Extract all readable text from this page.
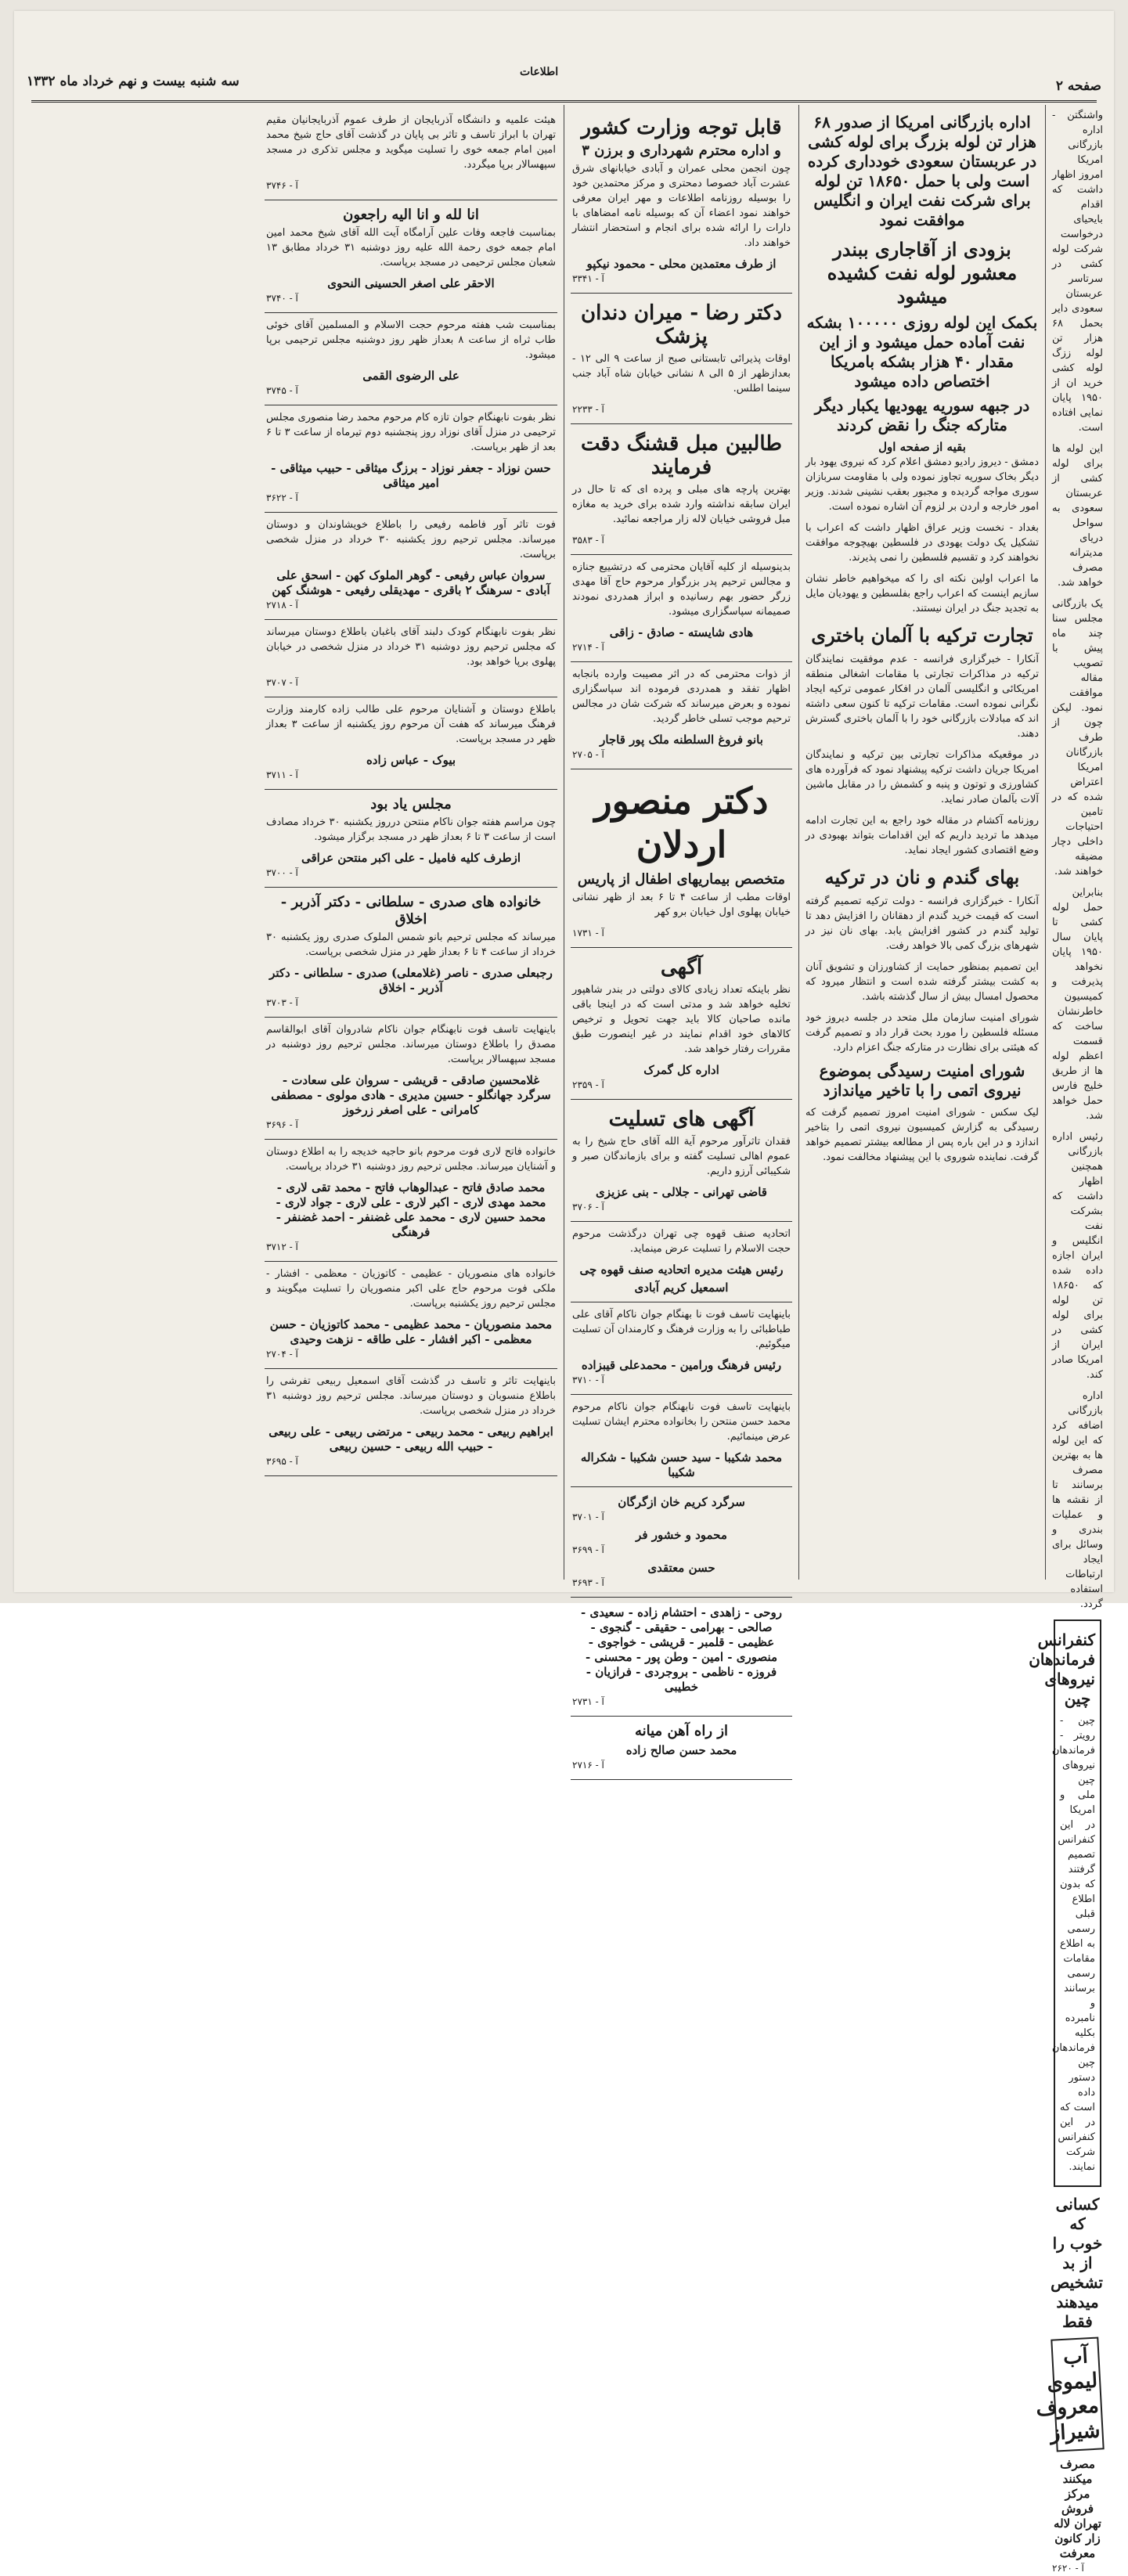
صفحه ۲
اطلاعات
سه شنبه بیست و نهم خرداد ماه ۱۳۳۲

واشنگتن - اداره بازرگانی امریکا امروز اظهار داشت که اقدام بایحیای درخواست شرکت لوله کشی در سرتاسر عربستان سعودی دایر بحمل ۶۸ هزار تن لوله ززگ لوله کشی خرید ان از ۱۹۵۰ پایان نمایی افتاده است.

این لوله ها برای لوله کشی از عربستان سعودی به سواحل دریای مدیترانه مصرف خواهد شد.

یک بازرگانی مجلس سنا چند ماه پیش با تصویب مقاله موافقت نمود. لیکن چون از طرف بازرگانان امریکا اعتراض شده که در تامین احتیاجات داخلی دچار مضیقه خواهند شد.

بنابراین حمل لوله کشی تا پایان سال ۱۹۵۰ پایان نخواهد پذیرفت و کمیسیون خاطرنشان ساخت که قسمت اعظم لوله ها از طریق خلیج فارس حمل خواهد شد.

رئیس اداره بازرگانی همچنین اظهار داشت که بشرکت نفت انگلیس و ایران اجازه داده شده که ۱۸۶۵۰ تن لوله برای لوله کشی در ایران از امریکا صادر کند.

اداره بازرگانی اضافه کرد که این لوله ها به بهترین مصرف برسانند تا از نقشه ها و عملیات بندری و وسائل برای ایجاد ارتباطات استفاده گردد.

کنفرانس فرماندهان نیروهای چین

چین - رویتر - فرماندهان نیروهای چین ملی و امریکا در این کنفرانس تصمیم گرفتند که بدون اطلاع قبلی رسمی به اطلاع مقامات رسمی برسانند و نامبرده بکلیه فرماندهان چین دستور داده است که در این کنفرانس شرکت نمایند.

کسانی که خوب را از بد تشخیص میدهند فقط
آب لیموی معروف شیراز
مصرف میکنند مرکز فروش تهران لاله زار کانون معرفت
آ - ۲۶۲۰
اداره بازرگانی امریکا از صدور ۶۸ هزار تن لوله بزرگ برای لوله کشی در عربستان سعودی خودداری کرده است ولی با حمل ۱۸۶۵۰ تن لوله برای شرکت نفت ایران و انگلیس موافقت نمود
بزودی از آقاجاری ببندر معشور لوله نفت کشیده میشود
بکمک این لوله روزی ۱۰۰۰۰۰ بشکه نفت آماده حمل میشود و از این مقدار ۴۰ هزار بشکه بامریکا اختصاص داده میشود
در جبهه سوریه یهودیها یکبار دیگر متارکه جنگ را نقض کردند
بقیه از صفحه اول

دمشق - دیروز رادیو دمشق اعلام کرد که نیروی یهود بار دیگر بخاک سوریه تجاوز نموده ولی با مقاومت سربازان سوری مواجه گردیده و مجبور بعقب نشینی شدند. وزیر امور خارجه و اردن بر لزوم آن اشاره نموده است.

بغداد - نخست وزیر عراق اظهار داشت که اعراب با تشکیل یک دولت یهودی در فلسطین بهیچوجه موافقت نخواهند کرد و تقسیم فلسطین را نمی پذیرند.

ما اعراب اولین نکته ای را که میخواهیم خاطر نشان سازیم اینست که اعراب راجع بفلسطین و یهودیان مایل به تجدید جنگ در ایران نیستند.

تجارت ترکیه با آلمان باختری

آنکارا - خبرگزاری فرانسه - عدم موفقیت نمایندگان ترکیه در مذاکرات تجارتی با مقامات اشغالی منطقه امریکائی و انگلیسی آلمان در افکار عمومی ترکیه ایجاد نگرانی نموده است. مقامات ترکیه تا کنون سعی داشته اند که مبادلات بازرگانی خود را با آلمان باختری گسترش دهند.

در موقعیکه مذاکرات تجارتی بین ترکیه و نمایندگان امریکا جریان داشت ترکیه پیشنهاد نمود که فرآورده های کشاورزی و توتون و پنبه و کشمش را در مقابل ماشین آلات بآلمان صادر نماید.

روزنامه آکشام در مقاله خود راجع به این تجارت ادامه میدهد ما تردید داریم که این اقدامات بتواند بهبودی در وضع اقتصادی کشور ایجاد نماید.

بهای گندم و نان در ترکیه

آنکارا - خبرگزاری فرانسه - دولت ترکیه تصمیم گرفته است که قیمت خرید گندم از دهقانان را افزایش دهد تا تولید گندم در کشور افزایش یابد. بهای نان نیز در شهرهای بزرگ کمی بالا خواهد رفت.

این تصمیم بمنظور حمایت از کشاورزان و تشویق آنان به کشت بیشتر گرفته شده است و انتظار میرود که محصول امسال بیش از سال گذشته باشد.

شورای امنیت سازمان ملل متحد در جلسه دیروز خود مسئله فلسطین را مورد بحث قرار داد و تصمیم گرفت که هیئتی برای نظارت در متارکه جنگ اعزام دارد.

شورای امنیت رسیدگی بموضوع نیروی اتمی را با تاخیر میاندازد

لیک سکس - شورای امنیت امروز تصمیم گرفت که رسیدگی به گزارش کمیسیون نیروی اتمی را بتاخیر اندازد و در این باره پس از مطالعه بیشتر تصمیم خواهد گرفت. نماینده شوروی با این پیشنهاد مخالفت نمود.

قابل توجه وزارت کشور
و اداره محترم شهرداری و برزن ۳

چون انجمن محلی عمران و آبادی خیابانهای شرق عشرت آباد خصوصا دمحتری و مرکز محتمدین خود را بوسیله روزنامه اطلاعات و مهر ایران معرفی خواهند نمود اعضاء آن که بوسیله نامه امضاهای با دارات را ارائه شده برای انجام و استحضار انتشار خواهند داد.

از طرف معتمدین محلی - محمود نیکپو
آ - ۳۳۴۱
دکتر رضا - میران دندان پزشک

اوقات پذیرائی تابستانی صبح از ساعت ۹ الی ۱۲ - بعدازظهر از ۵ الی ۸ نشانی خیابان شاه آباد جنب سینما اطلس.

آ - ۲۲۳۳
طالبین مبل قشنگ دقت فرمایند

بهترین پارچه های مبلی و پرده ای که تا حال در ایران سابقه نداشته وارد شده برای خرید به مغازه مبل فروشی خیابان لاله زار مراجعه نمائید.

آ - ۳۵۸۳

بدینوسیله از کلیه آقایان محترمی که درتشییع جنازه و مجالس ترحیم پدر بزرگوار مرحوم حاج آقا مهدی زرگر حضور بهم رسانیده و ابراز همدردی نمودند صمیمانه سپاسگزاری میشود.

هادی شایسته - صادق - زاقی
آ - ۲۷۱۴

از ذوات محترمی که در اثر مصیبت وارده بانجابه اظهار تفقد و همدردی فرموده اند سپاسگزاری نموده و بعرض میرساند که شرکت شان در مجالس ترحیم موجب تسلی خاطر گردید.

بانو فروغ السلطنه ملک پور قاجار
آ - ۲۷۰۵
دکتر منصور اردلان
متخصص بیماریهای اطفال از پاریس

اوقات مطب از ساعت ۴ تا ۶ بعد از ظهر نشانی خیابان پهلوی اول خیابان برو کهر

آ - ۱۷۳۱
آگهی

نظر باینکه تعداد زیادی کالای دولتی در بندر شاهپور تخلیه خواهد شد و مدتی است که در اینجا باقی مانده صاحبان کالا باید جهت تحویل و ترخیص کالاهای خود اقدام نمایند در غیر اینصورت طبق مقررات رفتار خواهد شد.

اداره کل گمرک
آ - ۲۳۵۹
آگهی های تسلیت

فقدان تاثرآور مرحوم آیة الله آقای حاج شیخ را به عموم اهالی تسلیت گفته و برای بازماندگان صبر و شکیبائی آرزو داریم.

قاضی تهرانی - جلالی - بنی عزیزی
آ - ۳۷۰۶

اتحادیه صنف قهوه چی تهران درگذشت مرحوم حجت الاسلام را تسلیت عرض مینماید.

رئیس هیئت مدیره اتحادیه صنف قهوه چی
اسمعیل کریم آبادی

باینهایت تاسف فوت نا بهنگام جوان ناکام آقای علی طباطبائی را به وزارت فرهنگ و کارمندان آن تسلیت میگوئیم.

رئیس فرهنگ ورامین - محمدعلی قیبزاده
آ - ۳۷۱۰

باینهایت تاسف فوت نابهنگام جوان ناکام مرحوم محمد حسن منتحن را بخانواده محترم ایشان تسلیت عرض مینمائیم.

محمد شکیبا - سید حسن شکیبا - شکراله شکیبا
سرگرد کریم خان ازگرگان
آ - ۳۷۰۱
محمود و خشور فر
آ - ۳۶۹۹
حسن معتقدی
آ - ۳۶۹۳
روحی - زاهدی - احتشام زاده - سعیدی - صالحی - بهرامی - حقیقی - گنجوی - عظیمی - قلمبر - قریشی - خواجوی - منصوری - امین - وطن پور - محسنی - فروزه - ناظمی - بروجردی - فرازیان - خطیبی
آ - ۲۷۳۱
از راه آهن میانه
محمد حسن صالح زاده
آ - ۲۷۱۶

هیئت علمیه و دانشگاه آذربایجان از طرف عموم آذربایجانیان مقیم تهران با ابراز تاسف و تاثر بی پایان در گذشت آقای حاج شیخ محمد امین امام جمعه خوی را تسلیت میگوید و مجلس تذکری در مسجد سپهسالار برپا میگردد.

آ - ۳۷۴۶
انا لله و انا الیه راجعون

بمناسبت فاجعه وفات علین آرامگاه آیت الله آقای شیخ محمد امین امام جمعه خوی رحمة الله علیه روز دوشنبه ۳۱ خرداد مطابق ۱۳ شعبان مجلس ترحیمی در مسجد برپاست.

الاحقر علی اصغر الحسینی النحوی
آ - ۳۷۴۰

بمناسبت شب هفته مرحوم حجت الاسلام و المسلمین آقای خوئی طاب ثراه از ساعت ۸ بعداز ظهر روز دوشنبه مجلس ترحیمی برپا میشود.

علی الرضوی القمی
آ - ۳۷۴۵

نظر بفوت نابهنگام جوان تازه کام مرحوم محمد رضا منصوری مجلس ترحیمی در منزل آقای نوزاد روز پنجشنبه دوم تیرماه از ساعت ۳ تا ۶ بعد از ظهر برپاست.

حسن نوزاد - جعفر نوزاد - برزگ میثاقی - حبیب میثاقی - امیر میثاقی
آ - ۳۶۲۲

فوت تاثر آور فاطمه رفیعی را باطلاع خویشاوندان و دوستان میرساند. مجلس ترحیم روز یکشنبه ۳۰ خرداد در منزل شخصی برپاست.

سروان عباس رفیعی - گوهر الملوک کهن - اسحق علی آبادی - سرهنگ ۲ باقری - مهدیقلی رفیعی - هوشنگ کهن
آ - ۲۷۱۸

نظر بفوت نابهنگام کودک دلبند آقای باغبان باطلاع دوستان میرساند که مجلس ترحیم روز دوشنبه ۳۱ خرداد در منزل شخصی در خیابان پهلوی برپا خواهد بود.

آ - ۳۷۰۷

باطلاع دوستان و آشنایان مرحوم علی طالب زاده کارمند وزارت فرهنگ میرساند که هفت آن مرحوم روز یکشنبه از ساعت ۳ بعداز ظهر در مسجد برپاست.

بیوک - عباس زاده
آ - ۳۷۱۱
مجلس یاد بود

چون مراسم هفته جوان ناکام منتحن درروز یکشنبه ۳۰ خرداد مصادف است از ساعت ۳ تا ۶ بعداز ظهر در مسجد برگزار میشود.

ازطرف کلیه فامیل - علی اکبر منتحن عراقی
آ - ۳۷۰۰
خانواده های صدری - سلطانی - دکتر آذربر - اخلاق

میرساند که مجلس ترحیم بانو شمس الملوک صدری روز یکشنبه ۳۰ خرداد از ساعت ۴ تا ۶ بعداز ظهر در منزل شخصی برپاست.

رجبعلی صدری - ناصر (غلامعلی) صدری - سلطانی - دکتر آذربر - اخلاق
آ - ۳۷۰۳

باینهایت تاسف فوت نابهنگام جوان ناکام شادروان آقای ابوالقاسم مصدق را باطلاع دوستان میرساند. مجلس ترحیم روز دوشنبه در مسجد سپهسالار برپاست.

غلامحسین صادقی - قریشی - سروان علی سعادت - سرگرد جهانگلو - حسین مدیری - هادی مولوی - مصطفی کامرانی - علی اصغر زرخوز
آ - ۳۶۹۶

خانواده فاتح لاری فوت مرحوم بانو حاجیه خدیجه را به اطلاع دوستان و آشنایان میرساند. مجلس ترحیم روز دوشنبه ۳۱ خرداد برپاست.

محمد صادق فاتح - عبدالوهاب فاتح - محمد تقی لاری - محمد مهدی لاری - اکبر لاری - علی لاری - جواد لاری - محمد حسین لاری - محمد علی غضنفر - احمد غضنفر - فرهنگی
آ - ۳۷۱۲

خانواده های منصوریان - عظیمی - کاتوزیان - معظمی - افشار - ملکی فوت مرحوم حاج علی اکبر منصوریان را تسلیت میگویند و مجلس ترحیم روز یکشنبه برپاست.

محمد منصوریان - محمد عظیمی - محمد کاتوزیان - حسن معظمی - اکبر افشار - علی طاقه - نزهت وحیدی
آ - ۲۷۰۴

باینهایت تاثر و تاسف در گذشت آقای اسمعیل ربیعی تفرشی را باطلاع منسوبان و دوستان میرساند. مجلس ترحیم روز دوشنبه ۳۱ خرداد در منزل شخصی برپاست.

ابراهیم ربیعی - محمد ربیعی - مرتضی ربیعی - علی ربیعی - حبیب الله ربیعی - حسین ربیعی
آ - ۳۶۹۵
